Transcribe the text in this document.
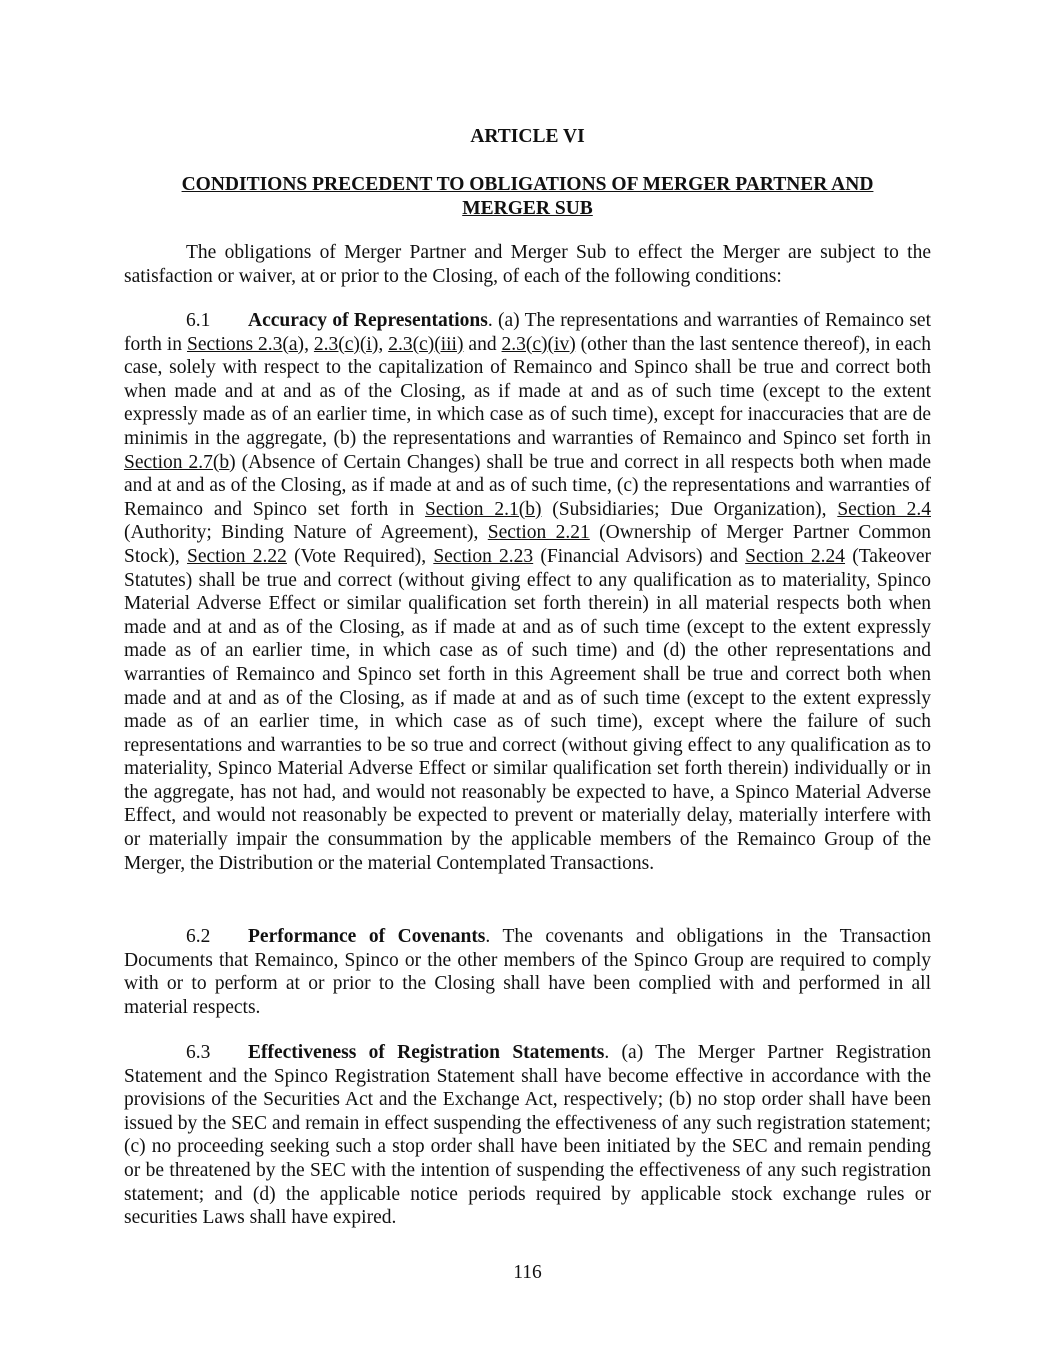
ARTICLE VI

CONDITIONS PRECEDENT TO OBLIGATIONS OF MERGER PARTNER AND MERGER SUB

The obligations of Merger Partner and Merger Sub to effect the Merger are subject to the satisfaction or waiver, at or prior to the Closing, of each of the following conditions:

6.1 Accuracy of Representations. (a) The representations and warranties of Remainco set forth in Sections 2.3(a), 2.3(c)(i), 2.3(c)(iii) and 2.3(c)(iv) (other than the last sentence thereof), in each case, solely with respect to the capitalization of Remainco and Spinco shall be true and correct both when made and at and as of the Closing, as if made at and as of such time (except to the extent expressly made as of an earlier time, in which case as of such time), except for inaccuracies that are de minimis in the aggregate, (b) the representations and warranties of Remainco and Spinco set forth in Section 2.7(b) (Absence of Certain Changes) shall be true and correct in all respects both when made and at and as of the Closing, as if made at and as of such time, (c) the representations and warranties of Remainco and Spinco set forth in Section 2.1(b) (Subsidiaries; Due Organization), Section 2.4 (Authority; Binding Nature of Agreement), Section 2.21 (Ownership of Merger Partner Common Stock), Section 2.22 (Vote Required), Section 2.23 (Financial Advisors) and Section 2.24 (Takeover Statutes) shall be true and correct (without giving effect to any qualification as to materiality, Spinco Material Adverse Effect or similar qualification set forth therein) in all material respects both when made and at and as of the Closing, as if made at and as of such time (except to the extent expressly made as of an earlier time, in which case as of such time) and (d) the other representations and warranties of Remainco and Spinco set forth in this Agreement shall be true and correct both when made and at and as of the Closing, as if made at and as of such time (except to the extent expressly made as of an earlier time, in which case as of such time), except where the failure of such representations and warranties to be so true and correct (without giving effect to any qualification as to materiality, Spinco Material Adverse Effect or similar qualification set forth therein) individually or in the aggregate, has not had, and would not reasonably be expected to have, a Spinco Material Adverse Effect, and would not reasonably be expected to prevent or materially delay, materially interfere with or materially impair the consummation by the applicable members of the Remainco Group of the Merger, the Distribution or the material Contemplated Transactions.

6.2 Performance of Covenants. The covenants and obligations in the Transaction Documents that Remainco, Spinco or the other members of the Spinco Group are required to comply with or to perform at or prior to the Closing shall have been complied with and performed in all material respects.

6.3 Effectiveness of Registration Statements. (a) The Merger Partner Registration Statement and the Spinco Registration Statement shall have become effective in accordance with the provisions of the Securities Act and the Exchange Act, respectively; (b) no stop order shall have been issued by the SEC and remain in effect suspending the effectiveness of any such registration statement; (c) no proceeding seeking such a stop order shall have been initiated by the SEC and remain pending or be threatened by the SEC with the intention of suspending the effectiveness of any such registration statement; and (d) the applicable notice periods required by applicable stock exchange rules or securities Laws shall have expired.

116
